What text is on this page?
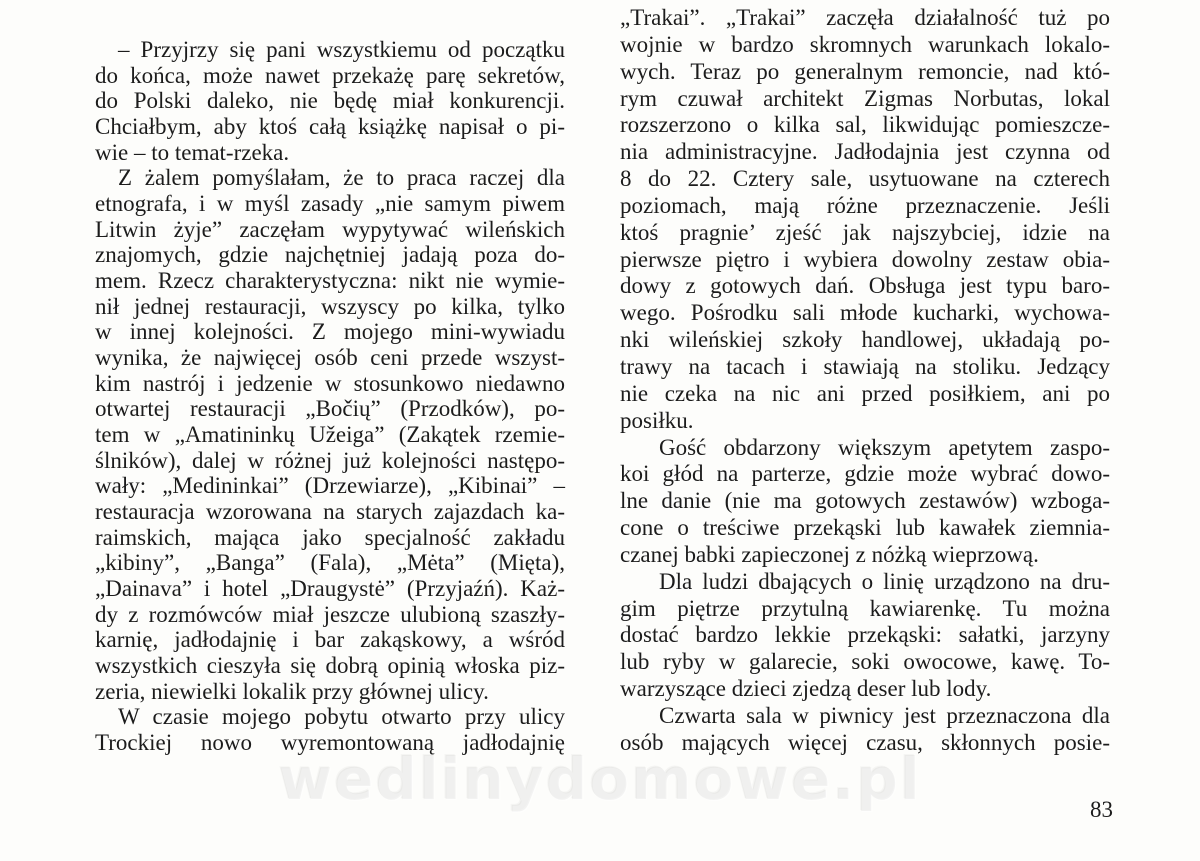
– Przyjrzy się pani wszystkiemu od początku
do końca, może nawet przekażę parę sekretów,
do Polski daleko, nie będę miał konkurencji.
Chciałbym, aby ktoś całą książkę napisał o pi-
wie – to temat-rzeka.
Z żalem pomyślałam, że to praca raczej dla
etnografa, i w myśl zasady „nie samym piwem
Litwin żyje” zaczęłam wypytywać wileńskich
znajomych, gdzie najchętniej jadają poza do-
mem. Rzecz charakterystyczna: nikt nie wymie-
nił jednej restauracji, wszyscy po kilka, tylko
w innej kolejności. Z mojego mini-wywiadu
wynika, że najwięcej osób ceni przede wszyst-
kim nastrój i jedzenie w stosunkowo niedawno
otwartej restauracji „Bočių” (Przodków), po-
tem w „Amatininkų Užeiga” (Zakątek rzemie-
ślników), dalej w różnej już kolejności następo-
wały: „Medininkai” (Drzewiarze), „Kibinai” –
restauracja wzorowana na starych zajazdach ka-
raimskich, mająca jako specjalność zakładu
„kibiny”, „Banga” (Fala), „Mėta” (Mięta),
„Dainava” i hotel „Draugystė” (Przyjaźń). Każ-
dy z rozmówców miał jeszcze ulubioną szaszły-
karnię, jadłodajnię i bar zakąskowy, a wśród
wszystkich cieszyła się dobrą opinią włoska piz-
zeria, niewielki lokalik przy głównej ulicy.
W czasie mojego pobytu otwarto przy ulicy
Trockiej nowo wyremontowaną jadłodajnię
„Trakai”. „Trakai” zaczęła działalność tuż po
wojnie w bardzo skromnych warunkach lokalo-
wych. Teraz po generalnym remoncie, nad któ-
rym czuwał architekt Zigmas Norbutas, lokal
rozszerzono o kilka sal, likwidując pomieszcze-
nia administracyjne. Jadłodajnia jest czynna od
8 do 22. Cztery sale, usytuowane na czterech
poziomach, mają różne przeznaczenie. Jeśli
ktoś pragnie’ zjeść jak najszybciej, idzie na
pierwsze piętro i wybiera dowolny zestaw obia-
dowy z gotowych dań. Obsługa jest typu baro-
wego. Pośrodku sali młode kucharki, wychowa-
nki wileńskiej szkoły handlowej, układają po-
trawy na tacach i stawiają na stoliku. Jedzący
nie czeka na nic ani przed posiłkiem, ani po
posiłku.
Gość obdarzony większym apetytem zaspo-
koi głód na parterze, gdzie może wybrać dowo-
lne danie (nie ma gotowych zestawów) wzboga-
cone o treściwe przekąski lub kawałek ziemnia-
czanej babki zapieczonej z nóżką wieprzową.
Dla ludzi dbających o linię urządzono na dru-
gim piętrze przytulną kawiarenkę. Tu można
dostać bardzo lekkie przekąski: sałatki, jarzyny
lub ryby w galarecie, soki owocowe, kawę. To-
warzyszące dzieci zjedzą deser lub lody.
Czwarta sala w piwnicy jest przeznaczona dla
osób mających więcej czasu, skłonnych posie-
wedlinydomowe.pl	83
